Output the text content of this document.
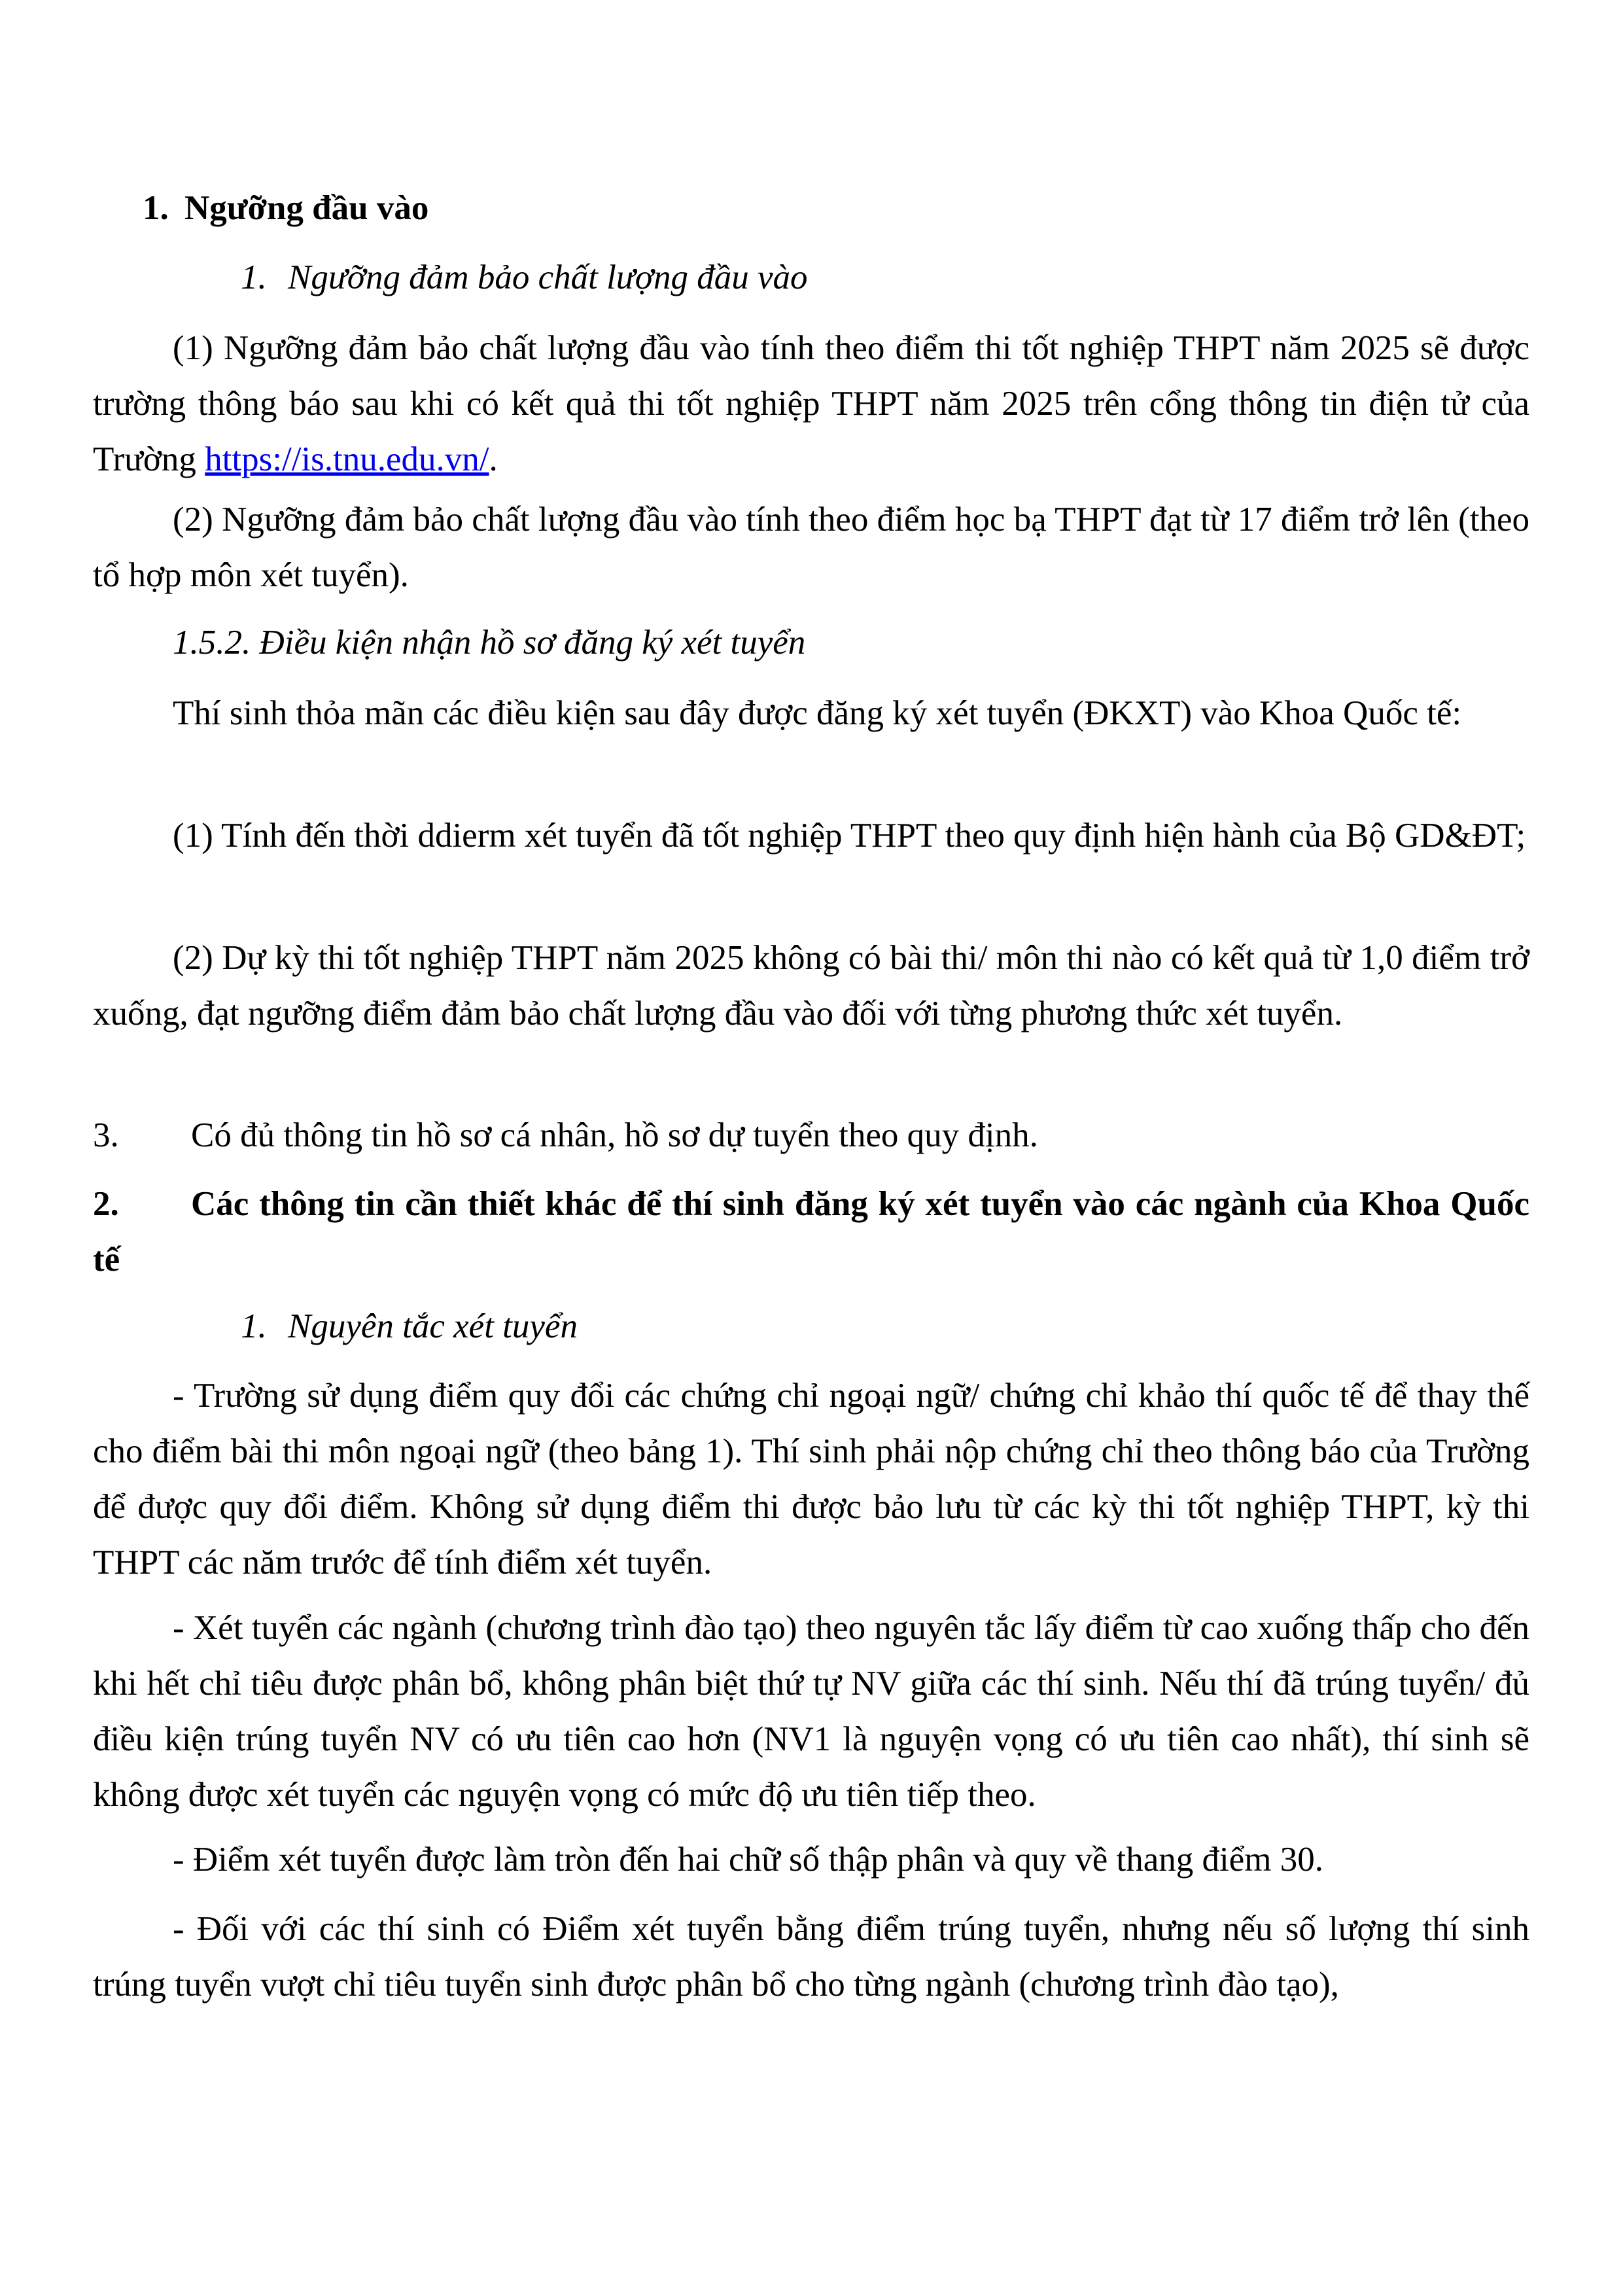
1. Ngưỡng đầu vào
1. Ngưỡng đảm bảo chất lượng đầu vào

(1) Ngưỡng đảm bảo chất lượng đầu vào tính theo điểm thi tốt nghiệp THPT năm 2025 sẽ được trường thông báo sau khi có kết quả thi tốt nghiệp THPT năm 2025 trên cổng thông tin điện tử của Trường https://is.tnu.edu.vn/.

(2) Ngưỡng đảm bảo chất lượng đầu vào tính theo điểm học bạ THPT đạt từ 17 điểm trở lên (theo tổ hợp môn xét tuyển).

1.5.2. Điều kiện nhận hồ sơ đăng ký xét tuyển

Thí sinh thỏa mãn các điều kiện sau đây được đăng ký xét tuyển (ĐKXT) vào Khoa Quốc tế:

(1) Tính đến thời ddierm xét tuyển đã tốt nghiệp THPT theo quy định hiện hành của Bộ GD&ĐT;

(2) Dự kỳ thi tốt nghiệp THPT năm 2025 không có bài thi/ môn thi nào có kết quả từ 1,0 điểm trở xuống, đạt ngưỡng điểm đảm bảo chất lượng đầu vào đối với từng phương thức xét tuyển.

3. Có đủ thông tin hồ sơ cá nhân, hồ sơ dự tuyển theo quy định.
2. Các thông tin cần thiết khác để thí sinh đăng ký xét tuyển vào các ngành của Khoa Quốc tế
1. Nguyên tắc xét tuyển

- Trường sử dụng điểm quy đổi các chứng chỉ ngoại ngữ/ chứng chỉ khảo thí quốc tế để thay thế cho điểm bài thi môn ngoại ngữ (theo bảng 1). Thí sinh phải nộp chứng chỉ theo thông báo của Trường để được quy đổi điểm. Không sử dụng điểm thi được bảo lưu từ các kỳ thi tốt nghiệp THPT, kỳ thi THPT các năm trước để tính điểm xét tuyển.

- Xét tuyển các ngành (chương trình đào tạo) theo nguyên tắc lấy điểm từ cao xuống thấp cho đến khi hết chỉ tiêu được phân bổ, không phân biệt thứ tự NV giữa các thí sinh. Nếu thí đã trúng tuyển/ đủ điều kiện trúng tuyển NV có ưu tiên cao hơn (NV1 là nguyện vọng có ưu tiên cao nhất), thí sinh sẽ không được xét tuyển các nguyện vọng có mức độ ưu tiên tiếp theo.

- Điểm xét tuyển được làm tròn đến hai chữ số thập phân và quy về thang điểm 30.

- Đối với các thí sinh có Điểm xét tuyển bằng điểm trúng tuyển, nhưng nếu số lượng thí sinh trúng tuyển vượt chỉ tiêu tuyển sinh được phân bổ cho từng ngành (chương trình đào tạo),
